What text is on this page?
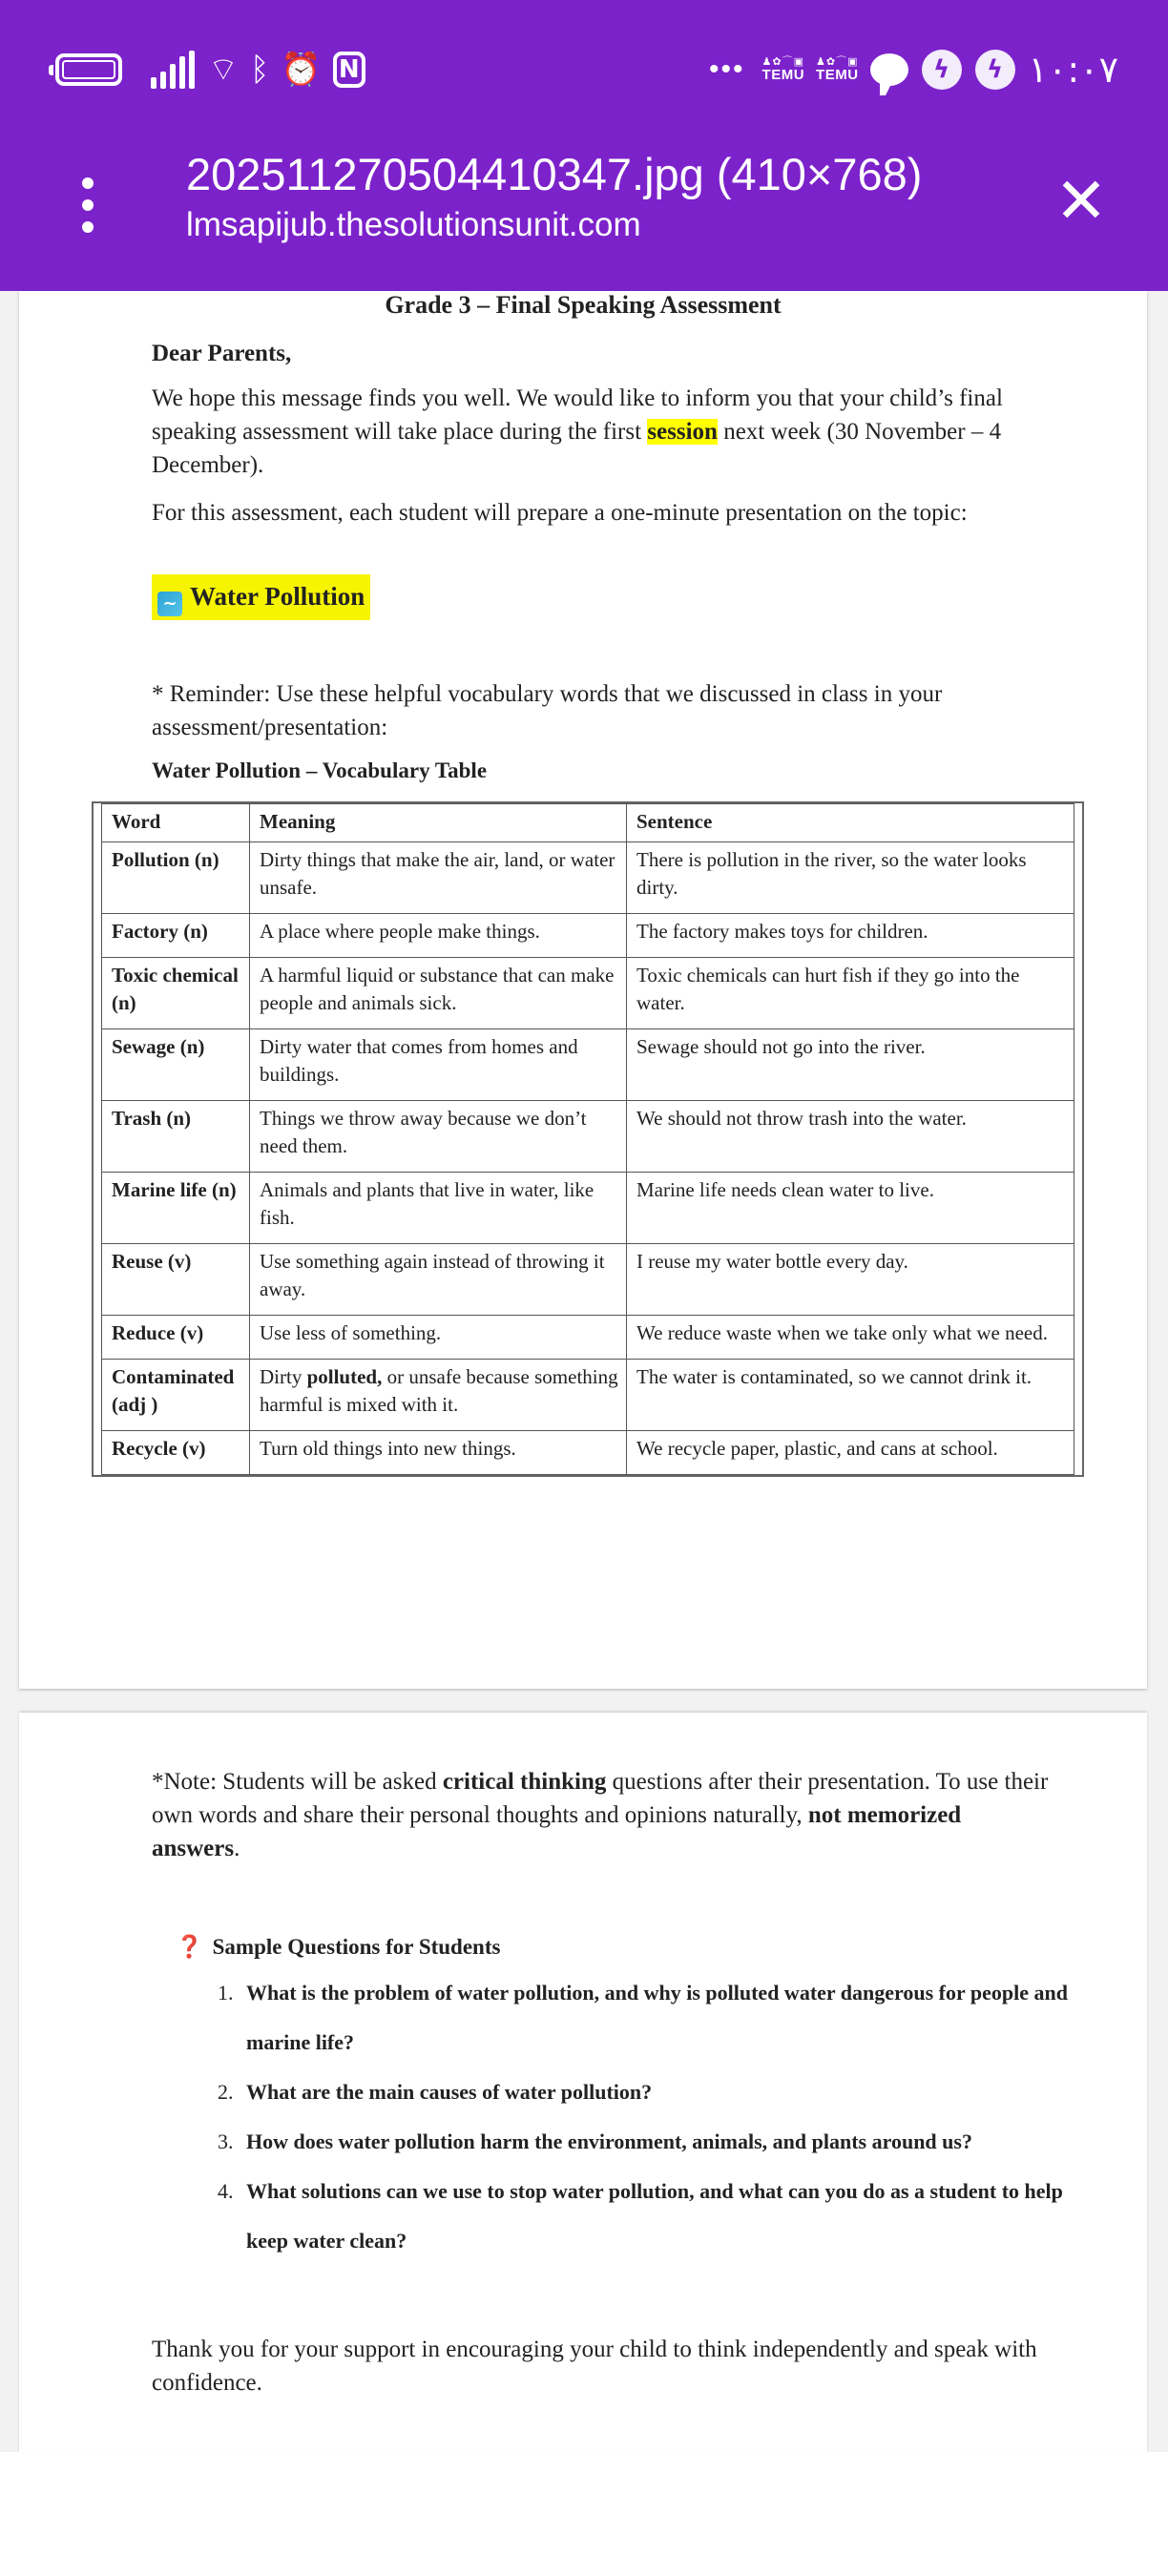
⌔ ᛒ ⏰ N	••• ♟✿⌒▣
TEMU
♟✿⌒▣
TEMU	ϟ	ϟ ١٠:٠٧
20251127050441034​7.jpg (410×768)
lmsapijub.thesolutionsunit.com	✕
Grade 3 – Final Speaking Assessment
Dear Parents,

We hope this message finds you well. We would like to inform you that your child’s final speaking assessment will take place during the first session next week (30 November – 4 December).

For this assessment, each student will prepare a one-minute presentation on the topic:

~ Water Pollution

* Reminder: Use these helpful vocabulary words that we discussed in class in your assessment/presentation:

Water Pollution – Vocabulary Table
Word	Meaning	Sentence
Pollution (n)	Dirty things that make the air, land, or water unsafe.	There is pollution in the river, so the water looks dirty.
Factory (n)	A place where people make things.	The factory makes toys for children.
Toxic chemical (n)	A harmful liquid or substance that can make people and animals sick.	Toxic chemicals can hurt fish if they go into the water.
Sewage (n)	Dirty water that comes from homes and buildings.	Sewage should not go into the river.
Trash (n)	Things we throw away because we don’t need them.	We should not throw trash into the water.
Marine life (n)	Animals and plants that live in water, like fish.	Marine life needs clean water to live.
Reuse (v)	Use something again instead of throwing it away.	I reuse my water bottle every day.
Reduce (v)	Use less of something.	We reduce waste when we take only what we need.
Contaminated (adj )	Dirty polluted, or unsafe because something harmful is mixed with it.	The water is contaminated, so we cannot drink it.
Recycle (v)	Turn old things into new things.	We recycle paper, plastic, and cans at school.

*Note: Students will be asked critical thinking questions after their presentation. To use their own words and share their personal thoughts and opinions naturally, not memorized answers.

❓ Sample Questions for Students
1. What is the problem of water pollution, and why is polluted water dangerous for people and marine life?
2. What are the main causes of water pollution?
3. How does water pollution harm the environment, animals, and plants around us?
4. What solutions can we use to stop water pollution, and what can you do as a student to help keep water clean?

Thank you for your support in encouraging your child to think independently and speak with confidence.
